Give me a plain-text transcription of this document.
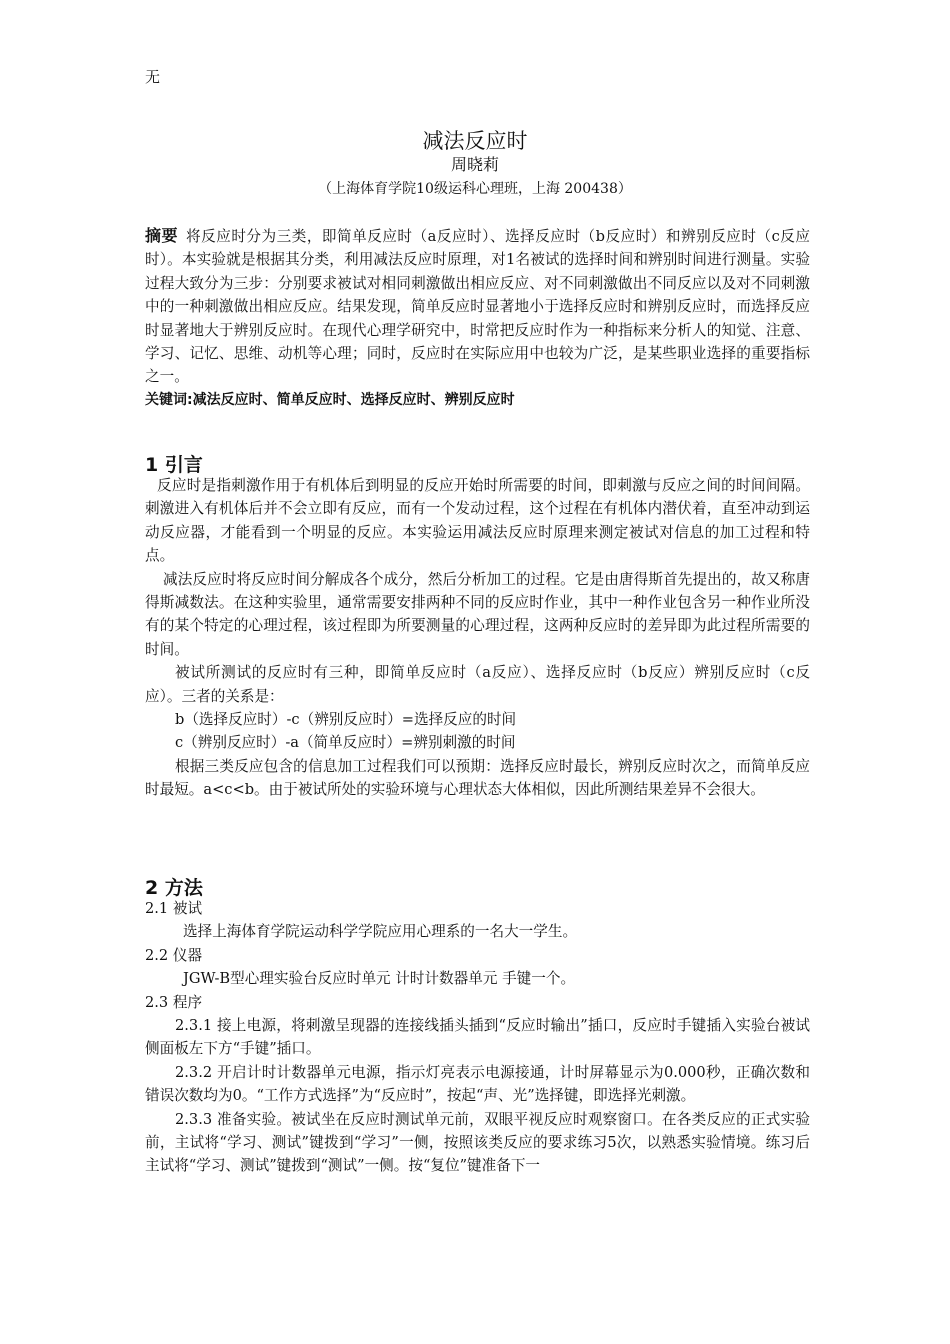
无
减法反应时
周晓莉
（上海体育学院10级运科心理班，上海 200438）

摘要 将反应时分为三类，即简单反应时（a反应时）、选择反应时（b反应时）和辨别反应时（c反应时）。本实验就是根据其分类，利用减法反应时原理，对1名被试的选择时间和辨别时间进行测量。实验过程大致分为三步：分别要求被试对相同刺激做出相应反应、对不同刺激做出不同反应以及对不同刺激中的一种刺激做出相应反应。结果发现，简单反应时显著地小于选择反应时和辨别反应时，而选择反应时显著地大于辨别反应时。在现代心理学研究中，时常把反应时作为一种指标来分析人的知觉、注意、学习、记忆、思维、动机等心理；同时，反应时在实际应用中也较为广泛，是某些职业选择的重要指标之一。

关键词:减法反应时、简单反应时、选择反应时、辨别反应时

1 引言

反应时是指刺激作用于有机体后到明显的反应开始时所需要的时间，即刺激与反应之间的时间间隔。刺激进入有机体后并不会立即有反应，而有一个发动过程，这个过程在有机体内潜伏着，直至冲动到运动反应器，才能看到一个明显的反应。本实验运用减法反应时原理来测定被试对信息的加工过程和特点。

减法反应时将反应时间分解成各个成分，然后分析加工的过程。它是由唐得斯首先提出的，故又称唐得斯减数法。在这种实验里，通常需要安排两种不同的反应时作业，其中一种作业包含另一种作业所没有的某个特定的心理过程，该过程即为所要测量的心理过程，这两种反应时的差异即为此过程所需要的时间。

被试所测试的反应时有三种，即简单反应时（a反应）、选择反应时（b反应）辨别反应时（c反应）。三者的关系是：

b（选择反应时）-c（辨别反应时）=选择反应的时间

c（辨别反应时）-a（简单反应时）=辨别刺激的时间

根据三类反应包含的信息加工过程我们可以预期：选择反应时最长，辨别反应时次之，而简单反应时最短。a<c<b。由于被试所处的实验环境与心理状态大体相似，因此所测结果差异不会很大。

2 方法

2.1 被试

选择上海体育学院运动科学学院应用心理系的一名大一学生。

2.2 仪器

JGW-B型心理实验台反应时单元 计时计数器单元 手键一个。

2.3 程序

2.3.1 接上电源，将刺激呈现器的连接线插头插到“反应时输出”插口，反应时手键插入实验台被试侧面板左下方“手键”插口。

2.3.2 开启计时计数器单元电源，指示灯亮表示电源接通，计时屏幕显示为0.000秒，正确次数和错误次数均为0。“工作方式选择”为“反应时”，按起“声、光”选择键，即选择光刺激。

2.3.3 准备实验。被试坐在反应时测试单元前，双眼平视反应时观察窗口。在各类反应的正式实验前，主试将“学习、测试”键拨到“学习”一侧，按照该类反应的要求练习5次，以熟悉实验情境。练习后主试将“学习、测试”键拨到“测试”一侧。按“复位”键准备下一
